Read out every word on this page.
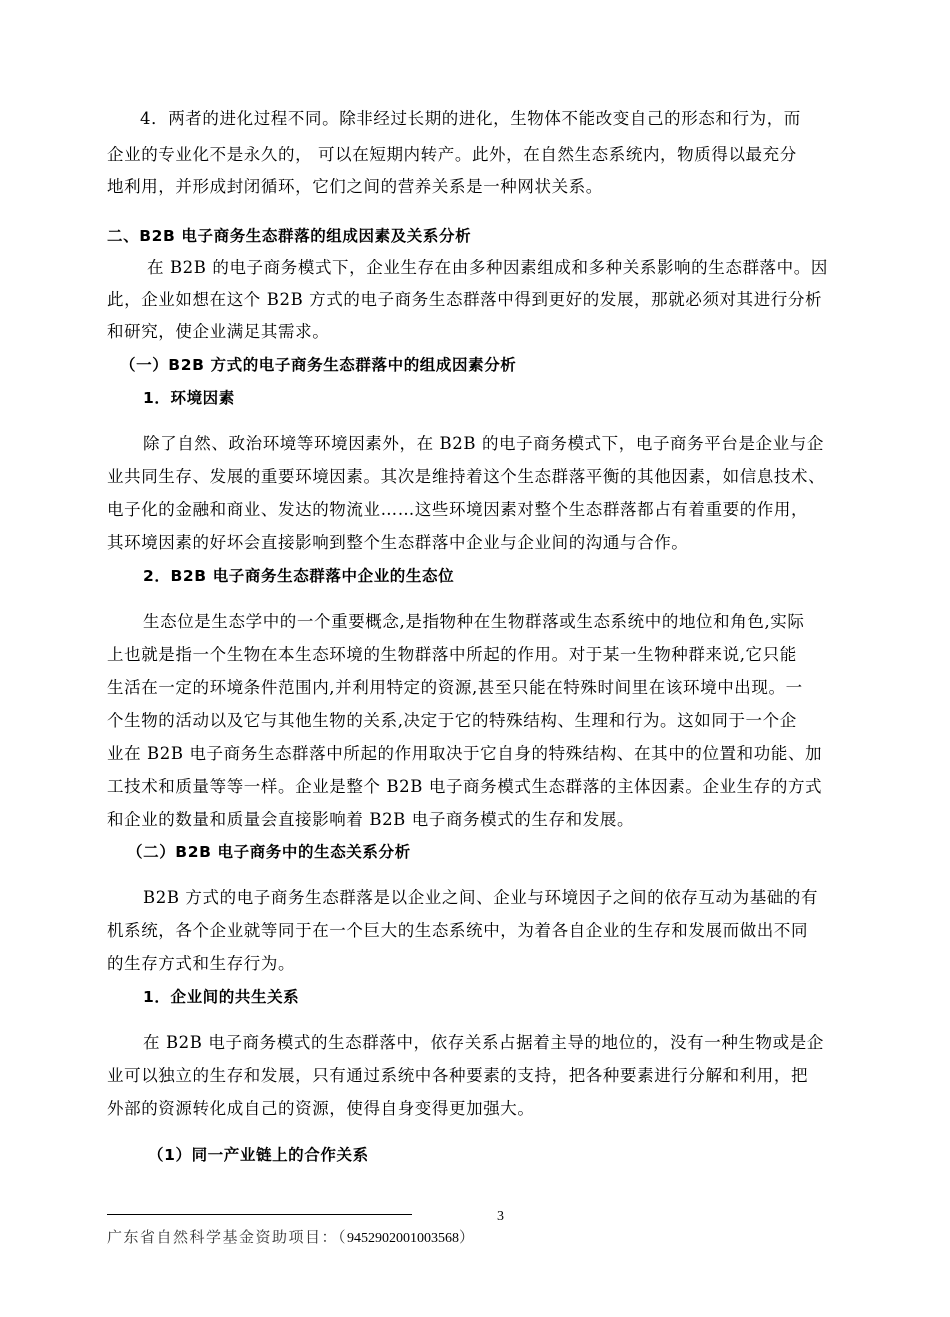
4．两者的进化过程不同。除非经过长期的进化，生物体不能改变自己的形态和行为，而
企业的专业化不是永久的， 可以在短期内转产。此外，在自然生态系统内，物质得以最充分
地利用，并形成封闭循环，它们之间的营养关系是一种网状关系。
二、B2B 电子商务生态群落的组成因素及关系分析
在 B2B 的电子商务模式下，企业生存在由多种因素组成和多种关系影响的生态群落中。因
此，企业如想在这个 B2B 方式的电子商务生态群落中得到更好的发展，那就必须对其进行分析
和研究，使企业满足其需求。
（一）B2B 方式的电子商务生态群落中的组成因素分析
1．环境因素
除了自然、政治环境等环境因素外，在 B2B 的电子商务模式下，电子商务平台是企业与企
业共同生存、发展的重要环境因素。其次是维持着这个生态群落平衡的其他因素，如信息技术、
电子化的金融和商业、发达的物流业……这些环境因素对整个生态群落都占有着重要的作用，
其环境因素的好坏会直接影响到整个生态群落中企业与企业间的沟通与合作。
2．B2B 电子商务生态群落中企业的生态位
生态位是生态学中的一个重要概念,是指物种在生物群落或生态系统中的地位和角色,实际
上也就是指一个生物在本生态环境的生物群落中所起的作用。对于某一生物种群来说,它只能
生活在一定的环境条件范围内,并利用特定的资源,甚至只能在特殊时间里在该环境中出现。一
个生物的活动以及它与其他生物的关系,决定于它的特殊结构、生理和行为。这如同于一个企
业在 B2B 电子商务生态群落中所起的作用取决于它自身的特殊结构、在其中的位置和功能、加
工技术和质量等等一样。企业是整个 B2B 电子商务模式生态群落的主体因素。企业生存的方式
和企业的数量和质量会直接影响着 B2B 电子商务模式的生存和发展。
（二）B2B 电子商务中的生态关系分析
B2B 方式的电子商务生态群落是以企业之间、企业与环境因子之间的依存互动为基础的有
机系统，各个企业就等同于在一个巨大的生态系统中，为着各自企业的生存和发展而做出不同
的生存方式和生存行为。
1．企业间的共生关系
在 B2B 电子商务模式的生态群落中，依存关系占据着主导的地位的，没有一种生物或是企
业可以独立的生存和发展，只有通过系统中各种要素的支持，把各种要素进行分解和利用，把
外部的资源转化成自己的资源，使得自身变得更加强大。
（1）同一产业链上的合作关系
3
广东省自然科学基金资助项目：（9452902001003568）
